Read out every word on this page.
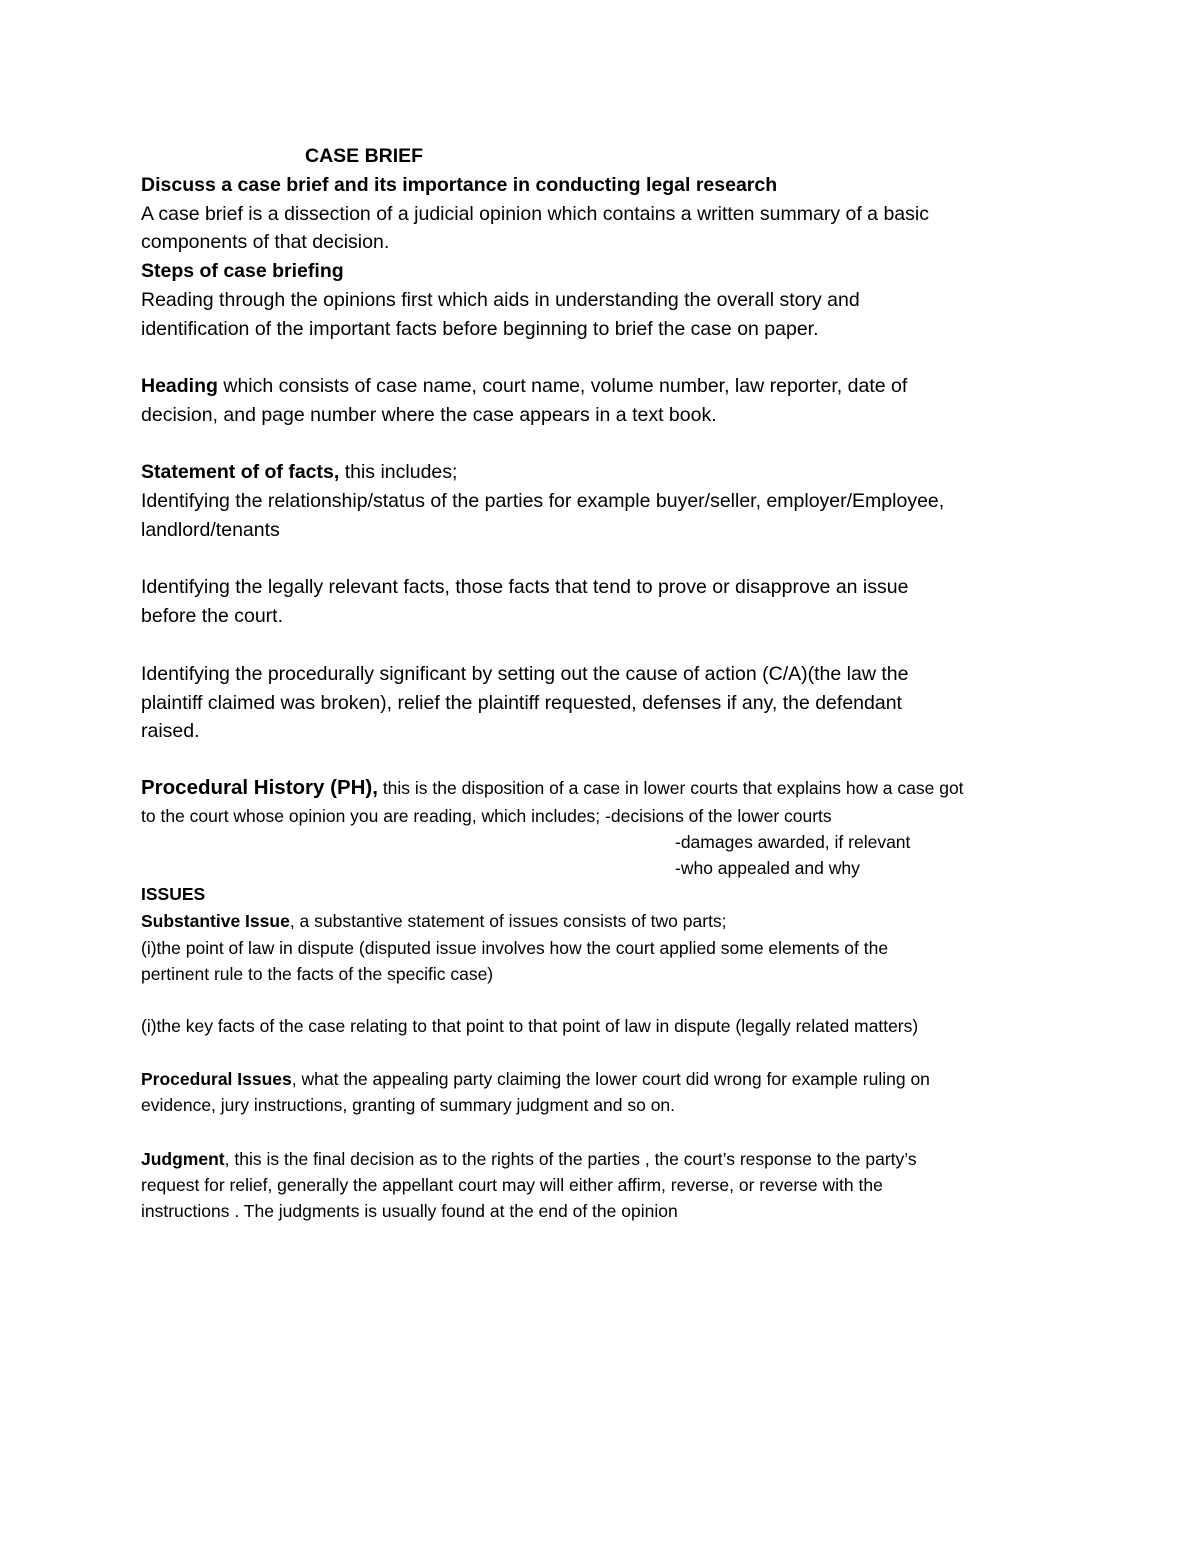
CASE BRIEF
Discuss a case brief and its importance in conducting legal research
A case brief is a dissection of a judicial opinion which contains a written summary of a basic
components of that decision.
Steps of case briefing
Reading through the opinions first which aids in understanding the overall story and
identification of the important facts before beginning to brief the case on paper.
Heading which consists of case name, court name, volume number, law reporter, date of
decision, and page number where the case appears in a text book.
Statement of of facts, this includes;
Identifying the relationship/status of the parties for example buyer/seller, employer/Employee,
landlord/tenants
Identifying the legally relevant facts, those facts that tend to prove or disapprove an issue
before the court.
Identifying the procedurally significant by setting out the cause of action (C/A)(the law the
plaintiff claimed was broken), relief the plaintiff requested, defenses if any, the defendant
raised.
Procedural History (PH), this is the disposition of a case in lower courts that explains how a case got
to the court whose opinion you are reading, which includes; -decisions of the lower courts
-damages awarded, if relevant
-who appealed and why
ISSUES
Substantive Issue, a substantive statement of issues consists of two parts;
(i)the point of law in dispute (disputed issue involves how the court applied some elements of the
pertinent rule to the facts of the specific case)
(i)the key facts of the case relating to that point to that point of law in dispute (legally related matters)
Procedural Issues, what the appealing party claiming the lower court did wrong for example ruling on
evidence, jury instructions, granting of summary judgment and so on.
Judgment, this is the final decision as to the rights of the parties , the court’s response to the party’s
request for relief, generally the appellant court may will either affirm, reverse, or reverse with the
instructions . The judgments is usually found at the end of the opinion
